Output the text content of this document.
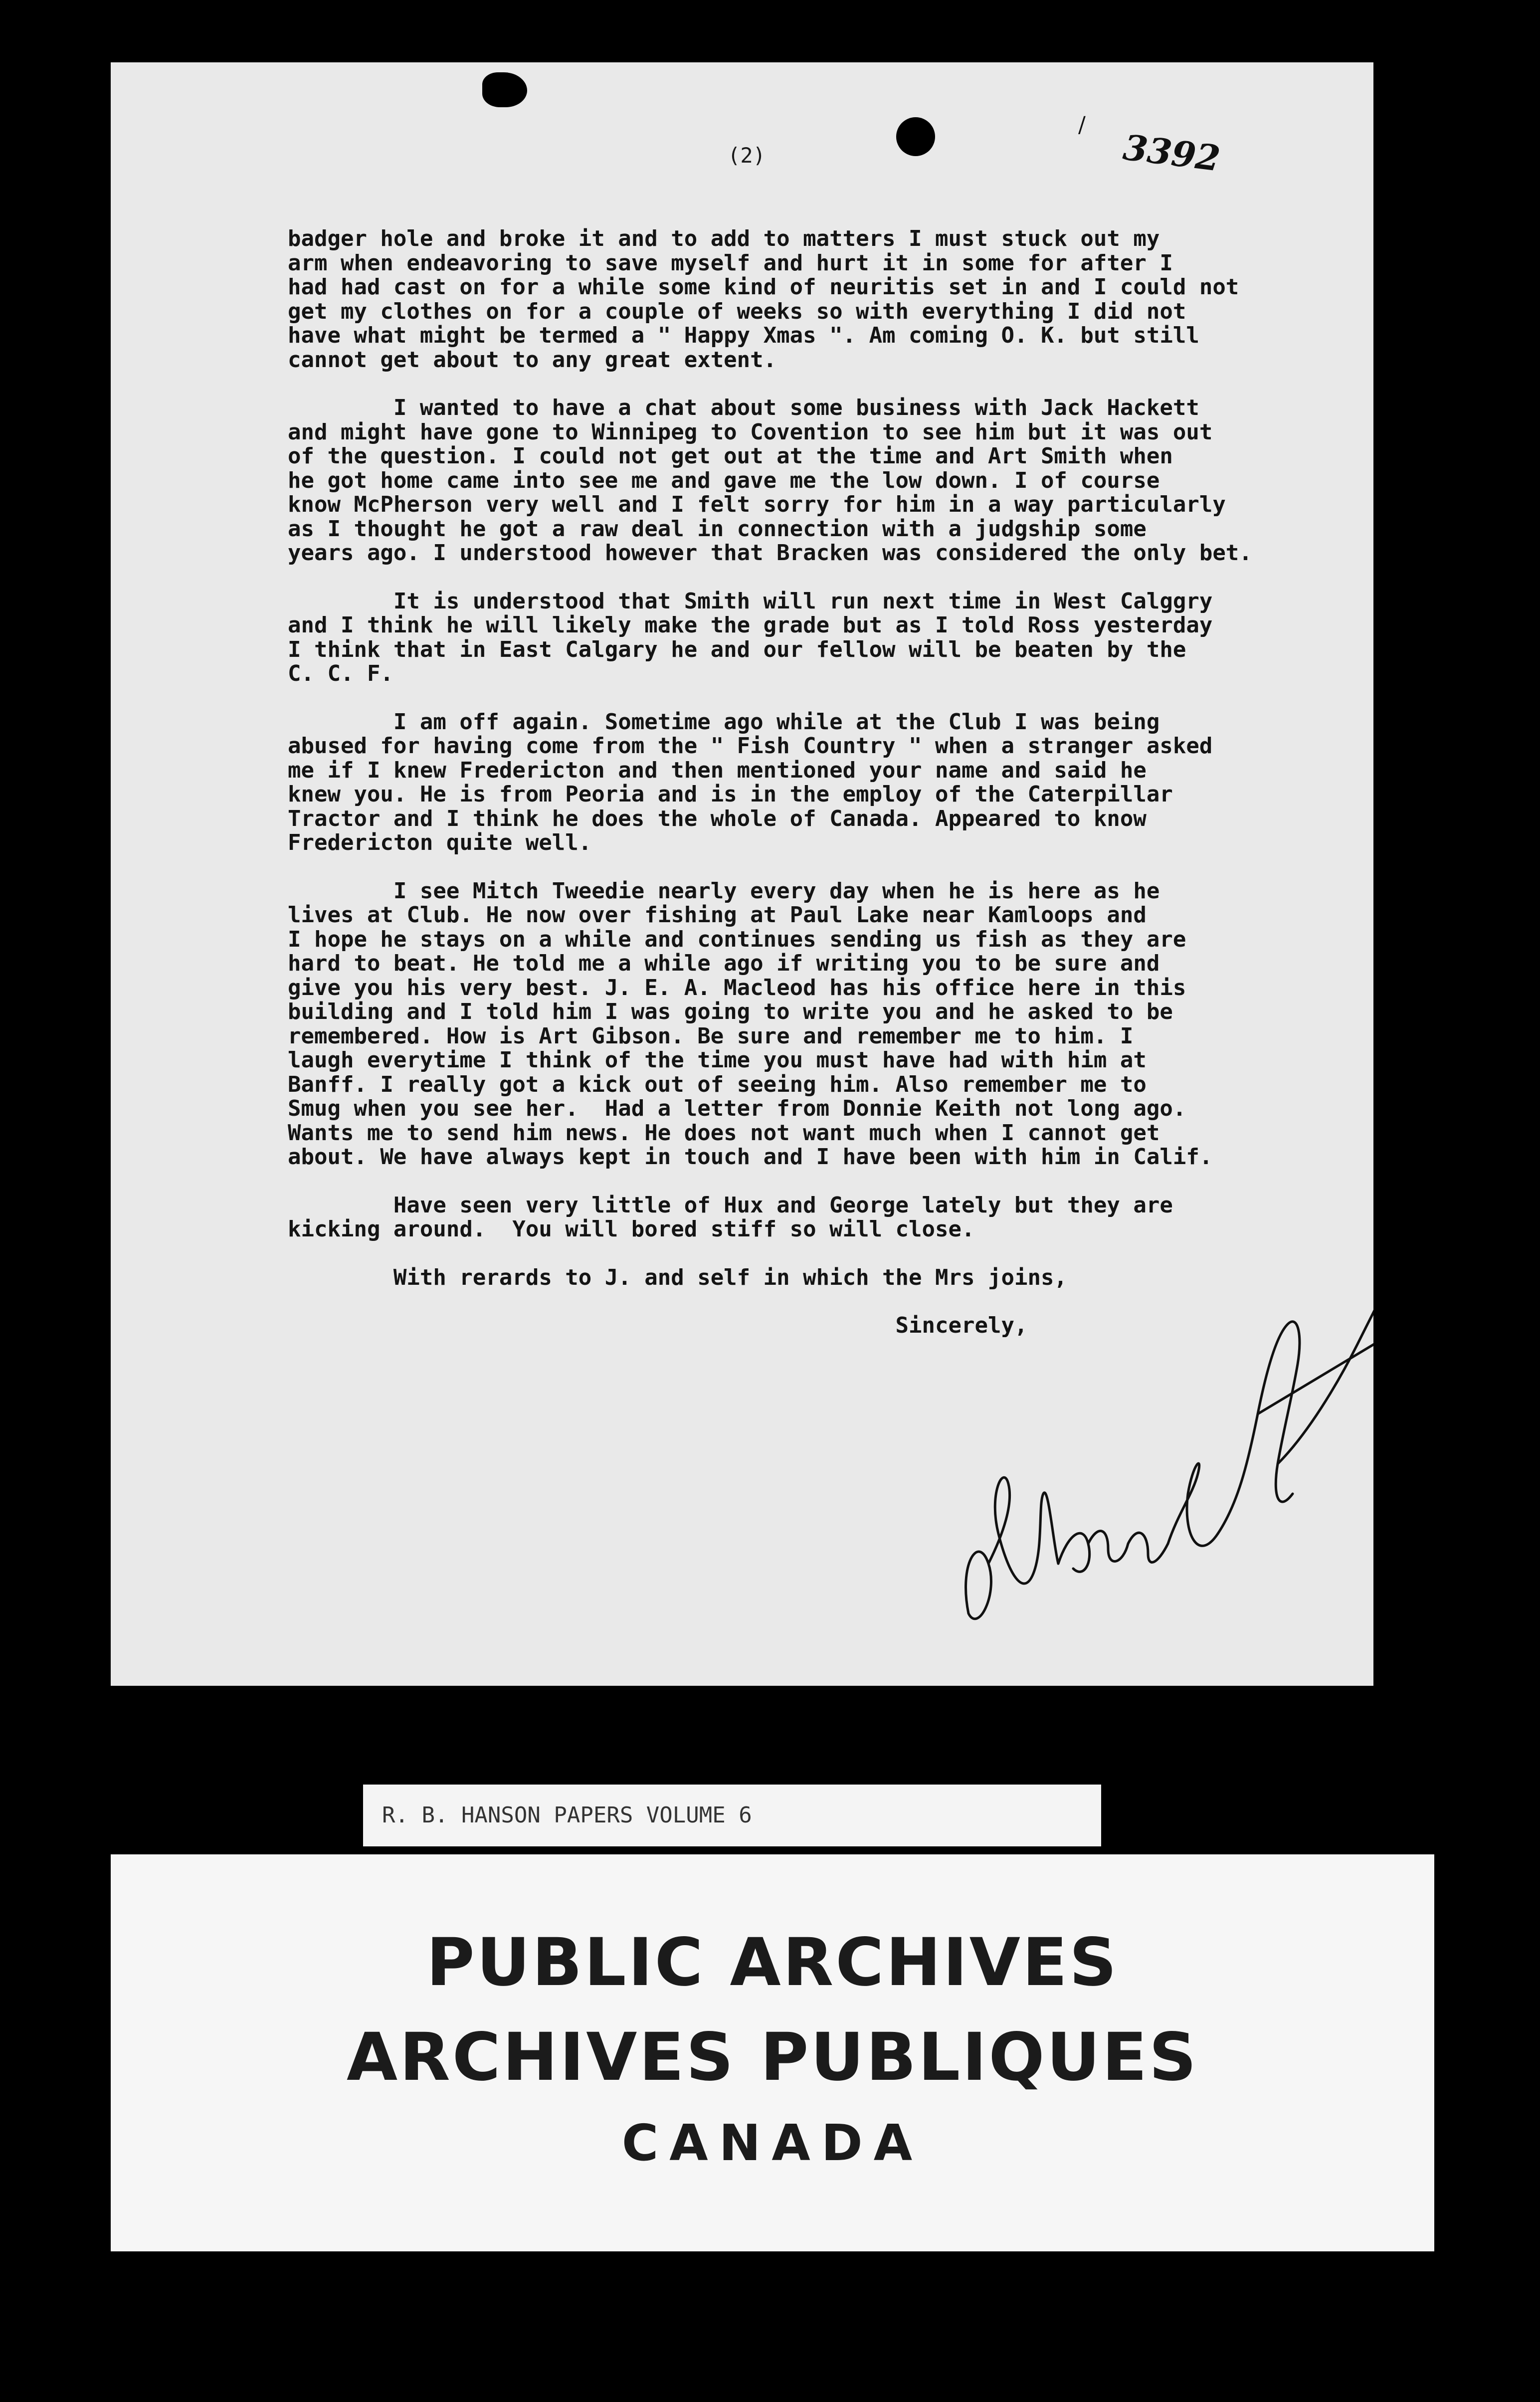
/
(2)	3392
badger hole and broke it and to add to matters I must stuck out my
arm when endeavoring to save myself and hurt it in some for after I
had had cast on for a while some kind of neuritis set in and I could not
get my clothes on for a couple of weeks so with everything I did not
have what might be termed a " Happy Xmas ". Am coming O. K. but still
cannot get about to any great extent.
I wanted to have a chat about some business with Jack Hackett
and might have gone to Winnipeg to Covention to see him but it was out
of the question. I could not get out at the time and Art Smith when
he got home came into see me and gave me the low down. I of course
know McPherson very well and I felt sorry for him in a way particularly
as I thought he got a raw deal in connection with a judgship some
years ago. I understood however that Bracken was considered the only bet.
It is understood that Smith will run next time in West Calggry
and I think he will likely make the grade but as I told Ross yesterday
I think that in East Calgary he and our fellow will be beaten by the
C. C. F.
I am off again. Sometime ago while at the Club I was being
abused for having come from the " Fish Country " when a stranger asked
me if I knew Fredericton and then mentioned your name and said he
knew you. He is from Peoria and is in the employ of the Caterpillar
Tractor and I think he does the whole of Canada. Appeared to know
Fredericton quite well.
I see Mitch Tweedie nearly every day when he is here as he
lives at Club. He now over fishing at Paul Lake near Kamloops and
I hope he stays on a while and continues sending us fish as they are
hard to beat. He told me a while ago if writing you to be sure and
give you his very best. J. E. A. Macleod has his office here in this
building and I told him I was going to write you and he asked to be
remembered. How is Art Gibson. Be sure and remember me to him. I
laugh everytime I think of the time you must have had with him at
Banff. I really got a kick out of seeing him. Also remember me to
Smug when you see her.  Had a letter from Donnie Keith not long ago.
Wants me to send him news. He does not want much when I cannot get
about. We have always kept in touch and I have been with him in Calif.
Have seen very little of Hux and George lately but they are
kicking around.  You will bored stiff so will close.
With rerards to J. and self in which the Mrs joins,
Sincerely,
R. B. HANSON PAPERS VOLUME 6
PUBLIC ARCHIVES
ARCHIVES PUBLIQUES
CANADA
